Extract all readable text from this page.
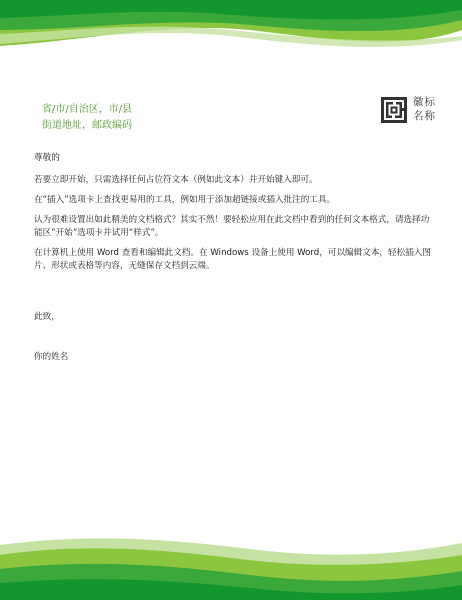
省/市/自治区，市/县
街道地址，邮政编码
徽标
名称

尊敬的

若要立即开始，只需选择任何占位符文本（例如此文本）并开始键入即可。

在“插入”选项卡上查找更易用的工具，例如用于添加超链接或插入批注的工具。

认为很难设置出如此精美的文档格式？其实不然！要轻松应用在此文档中看到的任何文本格式，请选择功能区“开始”选项卡并试用“样式”。

在计算机上使用 Word 查看和编辑此文档。在 Windows 设备上使用 Word，可以编辑文本，轻松插入图片、形状或表格等内容，无缝保存文档到云端。

此致，
你的姓名
